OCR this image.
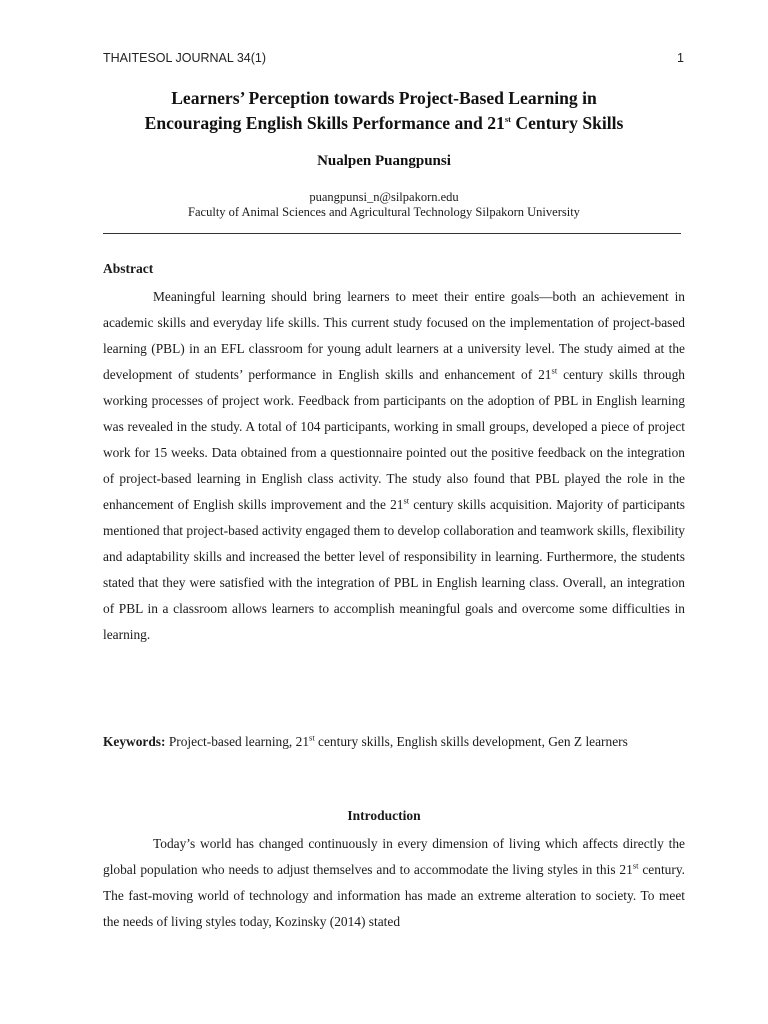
THAITESOL JOURNAL 34(1)	1
Learners’ Perception towards Project-Based Learning in
Encouraging English Skills Performance and 21st Century Skills
Nualpen Puangpunsi
puangpunsi_n@silpakorn.edu
Faculty of Animal Sciences and Agricultural Technology Silpakorn University
Abstract

Meaningful learning should bring learners to meet their entire goals—both an achievement in academic skills and everyday life skills. This current study focused on the implementation of project-based learning (PBL) in an EFL classroom for young adult learners at a university level. The study aimed at the development of students’ performance in English skills and enhancement of 21st century skills through working processes of project work. Feedback from participants on the adoption of PBL in English learning was revealed in the study. A total of 104 participants, working in small groups, developed a piece of project work for 15 weeks. Data obtained from a questionnaire pointed out the positive feedback on the integration of project-based learning in English class activity. The study also found that PBL played the role in the enhancement of English skills improvement and the 21st century skills acquisition. Majority of participants mentioned that project-based activity engaged them to develop collaboration and teamwork skills, flexibility and adaptability skills and increased the better level of responsibility in learning. Furthermore, the students stated that they were satisfied with the integration of PBL in English learning class. Overall, an integration of PBL in a classroom allows learners to accomplish meaningful goals and overcome some difficulties in learning.

Keywords: Project-based learning, 21st century skills, English skills development, Gen Z learners
Introduction

Today’s world has changed continuously in every dimension of living which affects directly the global population who needs to adjust themselves and to accommodate the living styles in this 21st century. The fast-moving world of technology and information has made an extreme alteration to society. To meet the needs of living styles today, Kozinsky (2014) stated
